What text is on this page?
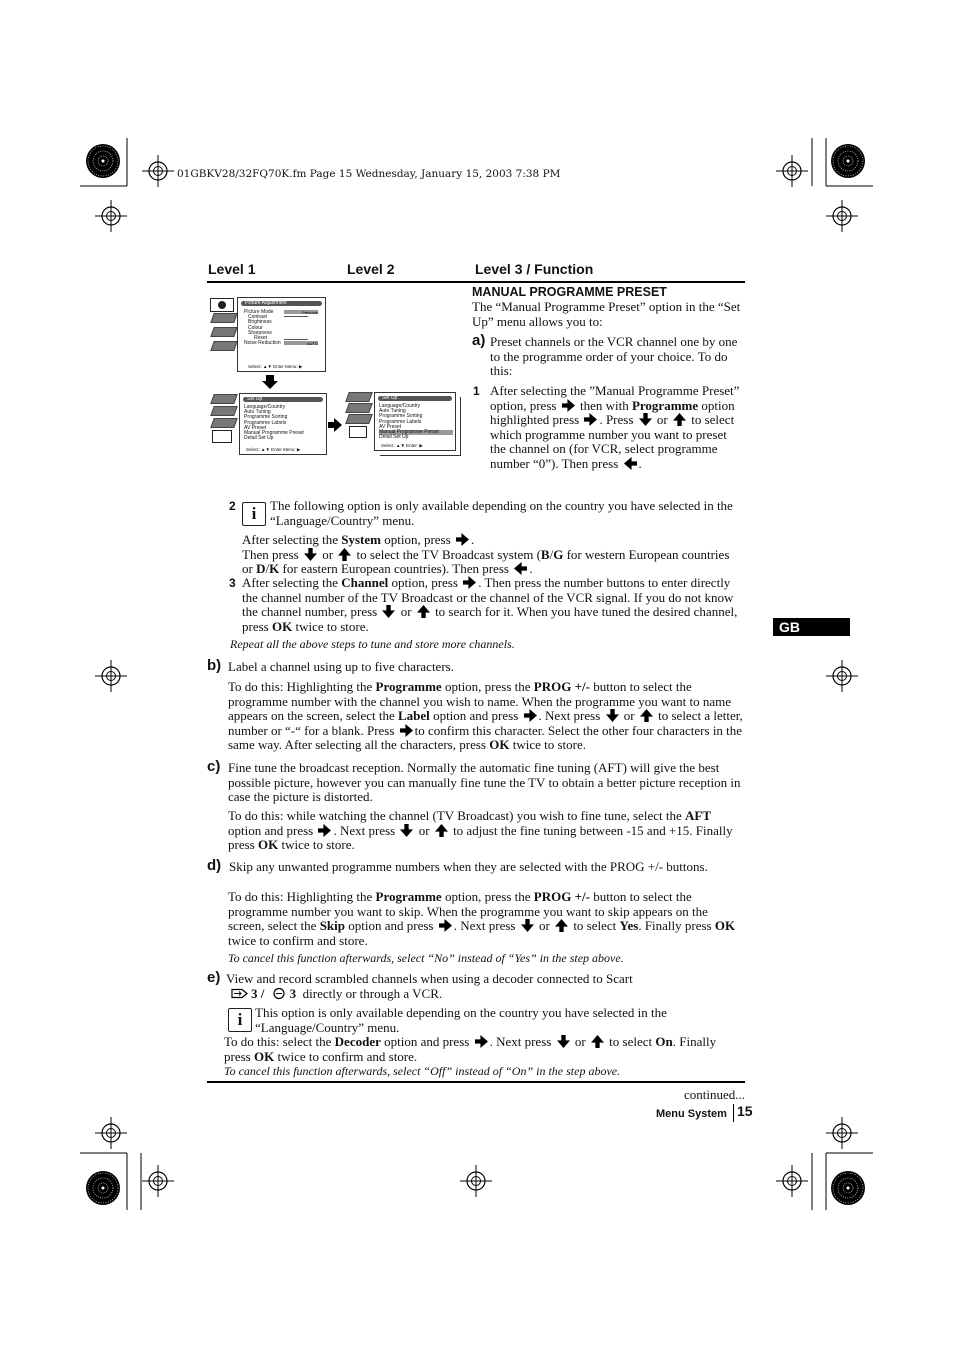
01GBKV28/32FQ70K.fm Page 15 Wednesday, January 15, 2003 7:38 PM
Level 1	Level 2	Level 3 / Function
Picture Adjustment
Picture Mode
Contrast
Brightness
Colour
Sharpness
Reset
Noise Reduction
Personal
AUTO
Select: ▲▼ Enter Menu: ▶
Set Up
Language/Country
Auto Tuning
Programme Sorting
Programme Labels
AV Preset
Manual Programme Preset
Detail Set Up
Select: ▲▼ Enter Menu: ▶
Set Up
Language/Country
Auto Tuning
Programme Sorting
Programme Labels
AV Preset
Manual Programme Preset
Detail Set Up
Select: ▲▼ Enter: ▶
MANUAL PROGRAMME PRESET
The “Manual Programme Preset” option in the “Set Up” menu allows you to:
a) Preset channels or the VCR channel one by one to the programme order of your choice. To do this:
1 After selecting the ”Manual Programme Preset” option, press then with Programme option highlighted press . Press or to select which programme number you want to preset the channel on (for VCR, select programme number “0”). Then press .
2 i	The following option is only available depending on the country you have selected in the “Language/Country” menu.
After selecting the System option, press .
Then press or to select the TV Broadcast system (B/G for western European countries or D/K for eastern European countries). Then press .
3 After selecting the Channel option, press . Then press the number buttons to enter directly the channel number of the TV Broadcast or the channel of the VCR signal. If you do not know the channel number, press or to search for it. When you have tuned the desired channel, press OK twice to store.
Repeat all the above steps to tune and store more channels.
GB
b) Label a channel using up to five characters.
To do this: Highlighting the Programme option, press the PROG +/- button to select the programme number with the channel you wish to name. When the programme you want to name appears on the screen, select the Label option and press . Next press or to select a letter, number or “-“ for a blank. Press to confirm this character. Select the other four characters in the same way. After selecting all the characters, press OK twice to store.
c) Fine tune the broadcast reception. Normally the automatic fine tuning (AFT) will give the best possible picture, however you can manually fine tune the TV to obtain a better picture reception in case the picture is distorted.
To do this: while watching the channel (TV Broadcast) you wish to fine tune, select the AFT option and press . Next press or to adjust the fine tuning between -15 and +15. Finally press OK twice to store.
d) Skip any unwanted programme numbers when they are selected with the PROG +/- buttons.
To do this: Highlighting the Programme option, press the PROG +/- button to select the programme number you want to skip. When the programme you want to skip appears on the screen, select the Skip option and press . Next press or to select Yes. Finally press OK twice to confirm and store.
To cancel this function afterwards, select “No” instead of “Yes” in the step above.
e) View and record scrambled channels when using a decoder connected to Scart
3 / 3 directly or through a VCR.
i This option is only available depending on the country you have selected in the “Language/Country” menu.
To do this: select the Decoder option and press . Next press or to select On. Finally press OK twice to confirm and store.
To cancel this function afterwards, select “Off” instead of “On” in the step above.
continued...
Menu System 15
